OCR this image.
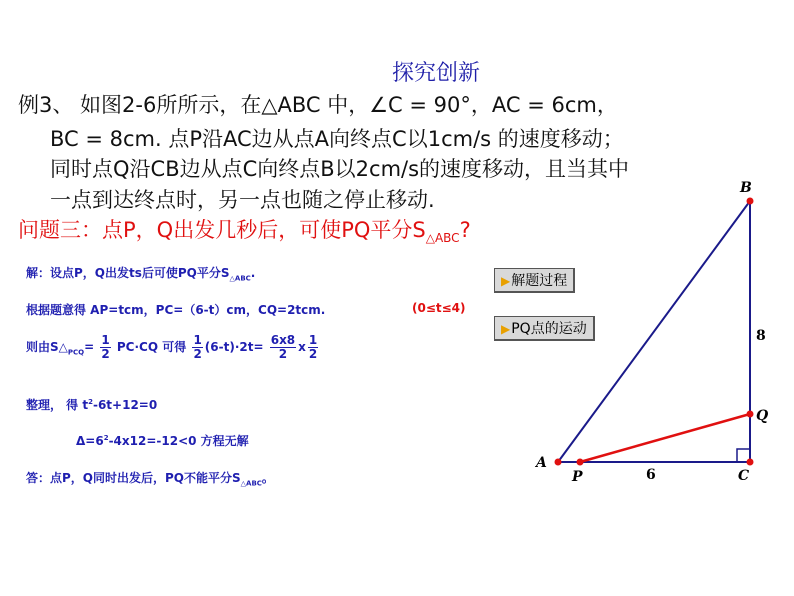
探究创新
例3、 如图2-6所所示，在△ABC 中，∠C = 90°，AC = 6cm，
BC = 8cm. 点P沿AC边从点A向终点C以1cm/s 的速度移动；
同时点Q沿CB边从点C向终点B以2cm/s的速度移动，且当其中
一点到达终点时，另一点也随之停止移动.
问题三：点P，Q出发几秒后，可使PQ平分$S_{\triangle ABC}$?
解：设点P，Q出发ts后可使PQ平分$S_{\triangle ABC}$.
根据题意得 AP=tcm，PC=（6-t）cm，CQ=2tcm.	(0≤t≤4)
则由$S\triangle_{PCQ}= \frac{1}{2} PC\cdot CQ$ 可得 $\frac{1}{2} (6-t)\cdot 2t= \frac{6x8}{2}$ x $\frac{1}{2}$
整理， 得 $t^2-6t+12=0$
$\Delta=6^2-4x12=-12<0$ 方程无解
答：点P，Q同时出发后，PQ不能平分$S_{\triangle ABC}$。
▶解题过程
▶PQ点的运动
A
B
C
P
Q
6
8
